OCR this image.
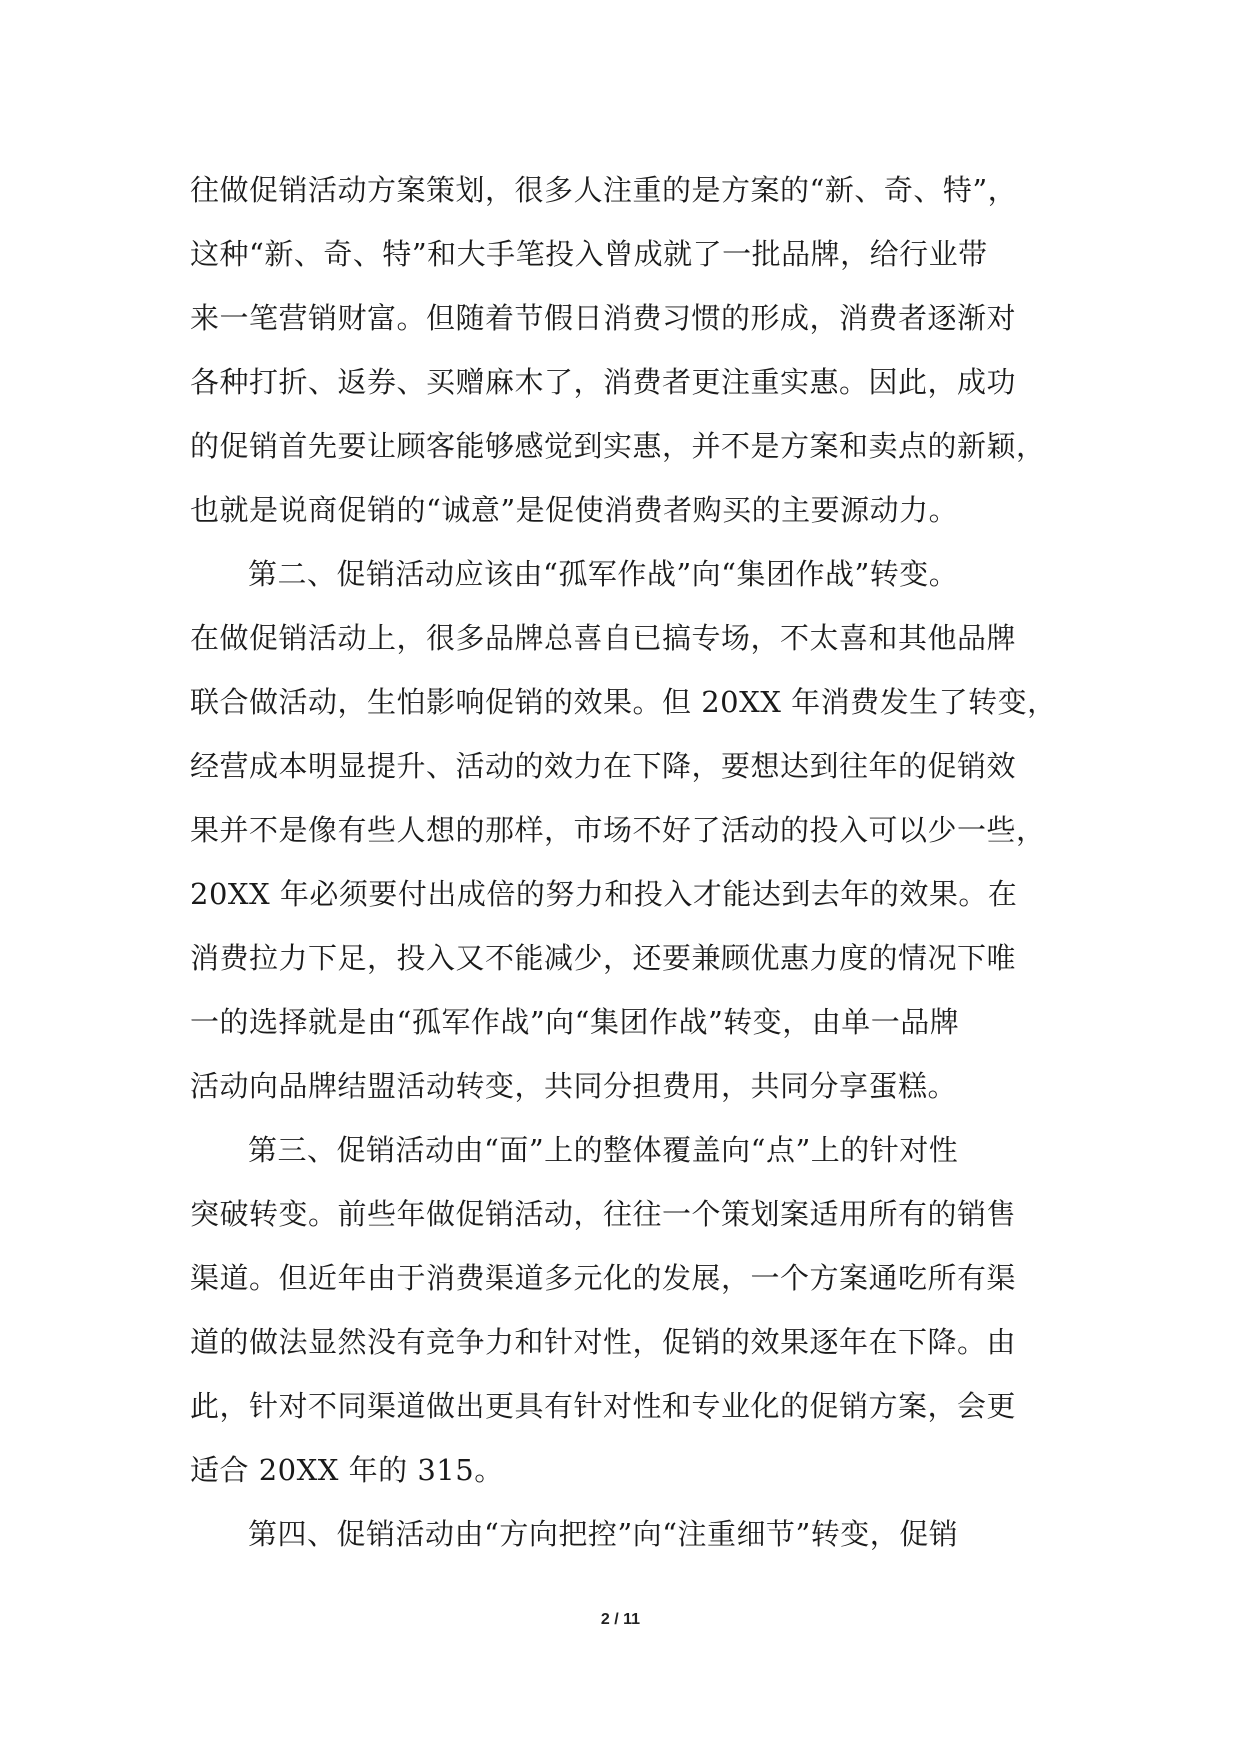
往做促销活动方案策划，很多人注重的是方案的“新、奇、特”，
这种“新、奇、特”和大手笔投入曾成就了一批品牌，给行业带
来一笔营销财富。但随着节假日消费习惯的形成，消费者逐渐对
各种打折、返券、买赠麻木了，消费者更注重实惠。因此，成功
的促销首先要让顾客能够感觉到实惠，并不是方案和卖点的新颖，
也就是说商促销的“诚意”是促使消费者购买的主要源动力。
第二、促销活动应该由“孤军作战”向“集团作战”转变。
在做促销活动上，很多品牌总喜自已搞专场，不太喜和其他品牌
联合做活动，生怕影响促销的效果。但 20XX 年消费发生了转变，
经营成本明显提升、活动的效力在下降，要想达到往年的促销效
果并不是像有些人想的那样，市场不好了活动的投入可以少一些，
20XX 年必须要付出成倍的努力和投入才能达到去年的效果。在
消费拉力下足，投入又不能减少，还要兼顾优惠力度的情况下唯
一的选择就是由“孤军作战”向“集团作战”转变，由单一品牌
活动向品牌结盟活动转变，共同分担费用，共同分享蛋糕。
第三、促销活动由“面”上的整体覆盖向“点”上的针对性
突破转变。前些年做促销活动，往往一个策划案适用所有的销售
渠道。但近年由于消费渠道多元化的发展，一个方案通吃所有渠
道的做法显然没有竞争力和针对性，促销的效果逐年在下降。由
此，针对不同渠道做出更具有针对性和专业化的促销方案，会更
适合 20XX 年的 315。
第四、促销活动由“方向把控”向“注重细节”转变，促销
2 / 11
